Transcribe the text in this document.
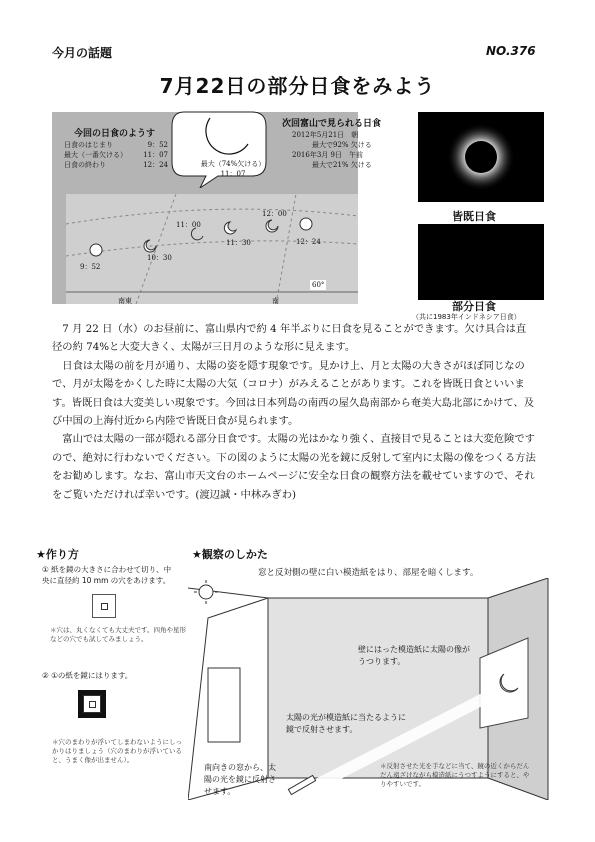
今月の話題	NO.376
7月22日の部分日食をみよう
今回の日食のようす
日食のはじまり	9：52
最大（一番欠ける） 11：07
日食の終わり	12：24	最大（74%欠ける）
11：07
次回富山で見られる日食
2012年5月21日　朝
最大で92% 欠ける
2016年3月 9日　午前
最大で21% 欠ける
9：52
10：30
11：00
11：30
12：00
12：24
60°
南東	南
皆既日食
部分日食
（共に1983年インドネシア日食）

7 月 22 日（水）のお昼前に、富山県内で約 4 年半ぶりに日食を見ることができます。欠け具合は直径の約 74%と大変大きく、太陽が三日月のような形に見えます。

日食は太陽の前を月が通り、太陽の姿を隠す現象です。見かけ上、月と太陽の大きさがほぼ同じなので、月が太陽をかくした時に太陽の大気（コロナ）がみえることがあります。これを皆既日食といいます。皆既日食は大変美しい現象です。今回は日本列島の南西の屋久島南部から奄美大島北部にかけて、及び中国の上海付近から内陸で皆既日食が見られます。

富山では太陽の一部が隠れる部分日食です。太陽の光はかなり強く、直接目で見ることは大変危険ですので、絶対に行わないでください。下の図のように太陽の光を鏡に反射して室内に太陽の像をつくる方法をお勧めします。なお、富山市天文台のホームページに安全な日食の観察方法を載せていますので、それをご覧いただければ幸いです。(渡辺誠・中林みぎわ)

★作り方
① 紙を鏡の大きさに合わせて切り、中央に直径約 10 mm の穴をあけます。
＊穴は、丸くなくても大丈夫です。四角や星形などの穴でも試してみましょう。
② ①の紙を鏡にはります。
＊穴のまわりが浮いてしまわないようにしっかりはりましょう（穴のまわりが浮いていると、うまく像が出ません）。
★観察のしかた
窓と反対側の壁に白い模造紙をはり、部屋を暗くします。
壁にはった模造紙に太陽の像がうつります。
太陽の光が模造紙に当たるように鏡で反射させます。
南向きの窓から、太陽の光を鏡に反射させます。
＊反射させた光を手などに当て、鏡の近くからだんだん遠ざけながら模造紙にうつすようにすると、やりやすいです。
